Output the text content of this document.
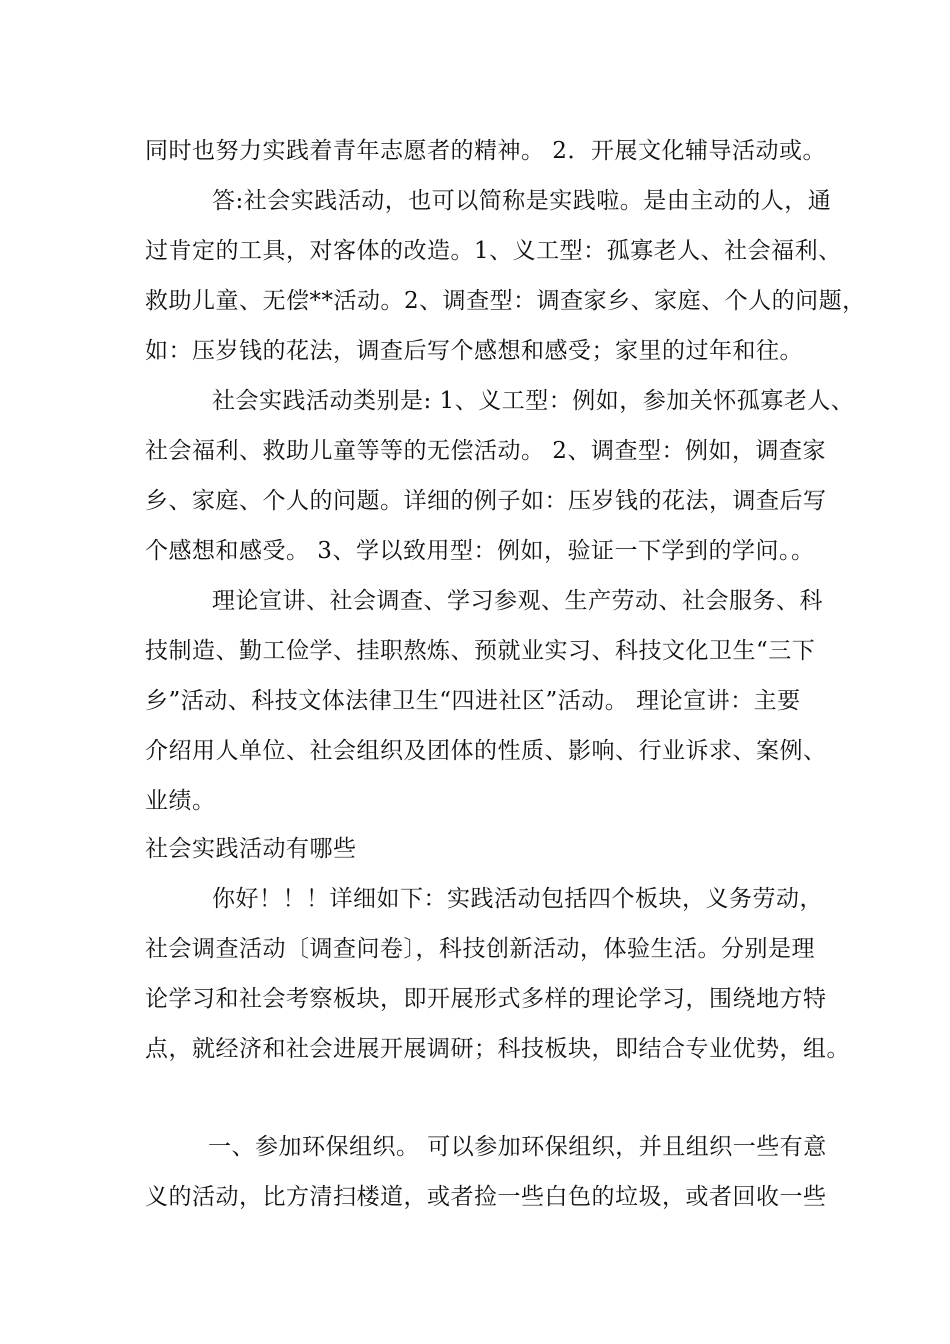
同时也努力实践着青年志愿者的精神。 2．开展文化辅导活动或。
答:社会实践活动，也可以简称是实践啦。是由主动的人，通
过肯定的工具，对客体的改造。1、义工型：孤寡老人、社会福利、
救助儿童、无偿**活动。2、调查型：调查家乡、家庭、个人的问题，
如：压岁钱的花法，调查后写个感想和感受；家里的过年和往。
社会实践活动类别是: 1、义工型：例如，参加关怀孤寡老人、
社会福利、救助儿童等等的无偿活动。 2、调查型：例如，调查家
乡、家庭、个人的问题。详细的例子如：压岁钱的花法，调查后写
个感想和感受。 3、学以致用型：例如，验证一下学到的学问。。
理论宣讲、社会调查、学习参观、生产劳动、社会服务、科
技制造、勤工俭学、挂职熬炼、预就业实习、科技文化卫生“三下
乡”活动、科技文体法律卫生“四进社区”活动。 理论宣讲：主要
介绍用人单位、社会组织及团体的性质、影响、行业诉求、案例、
业绩。
社会实践活动有哪些
你好！！！详细如下：实践活动包括四个板块，义务劳动，
社会调查活动〔调查问卷〕，科技创新活动，体验生活。分别是理
论学习和社会考察板块，即开展形式多样的理论学习，围绕地方特
点，就经济和社会进展开展调研；科技板块，即结合专业优势，组。
一、参加环保组织。 可以参加环保组织，并且组织一些有意
义的活动，比方清扫楼道，或者捡一些白色的垃圾，或者回收一些
